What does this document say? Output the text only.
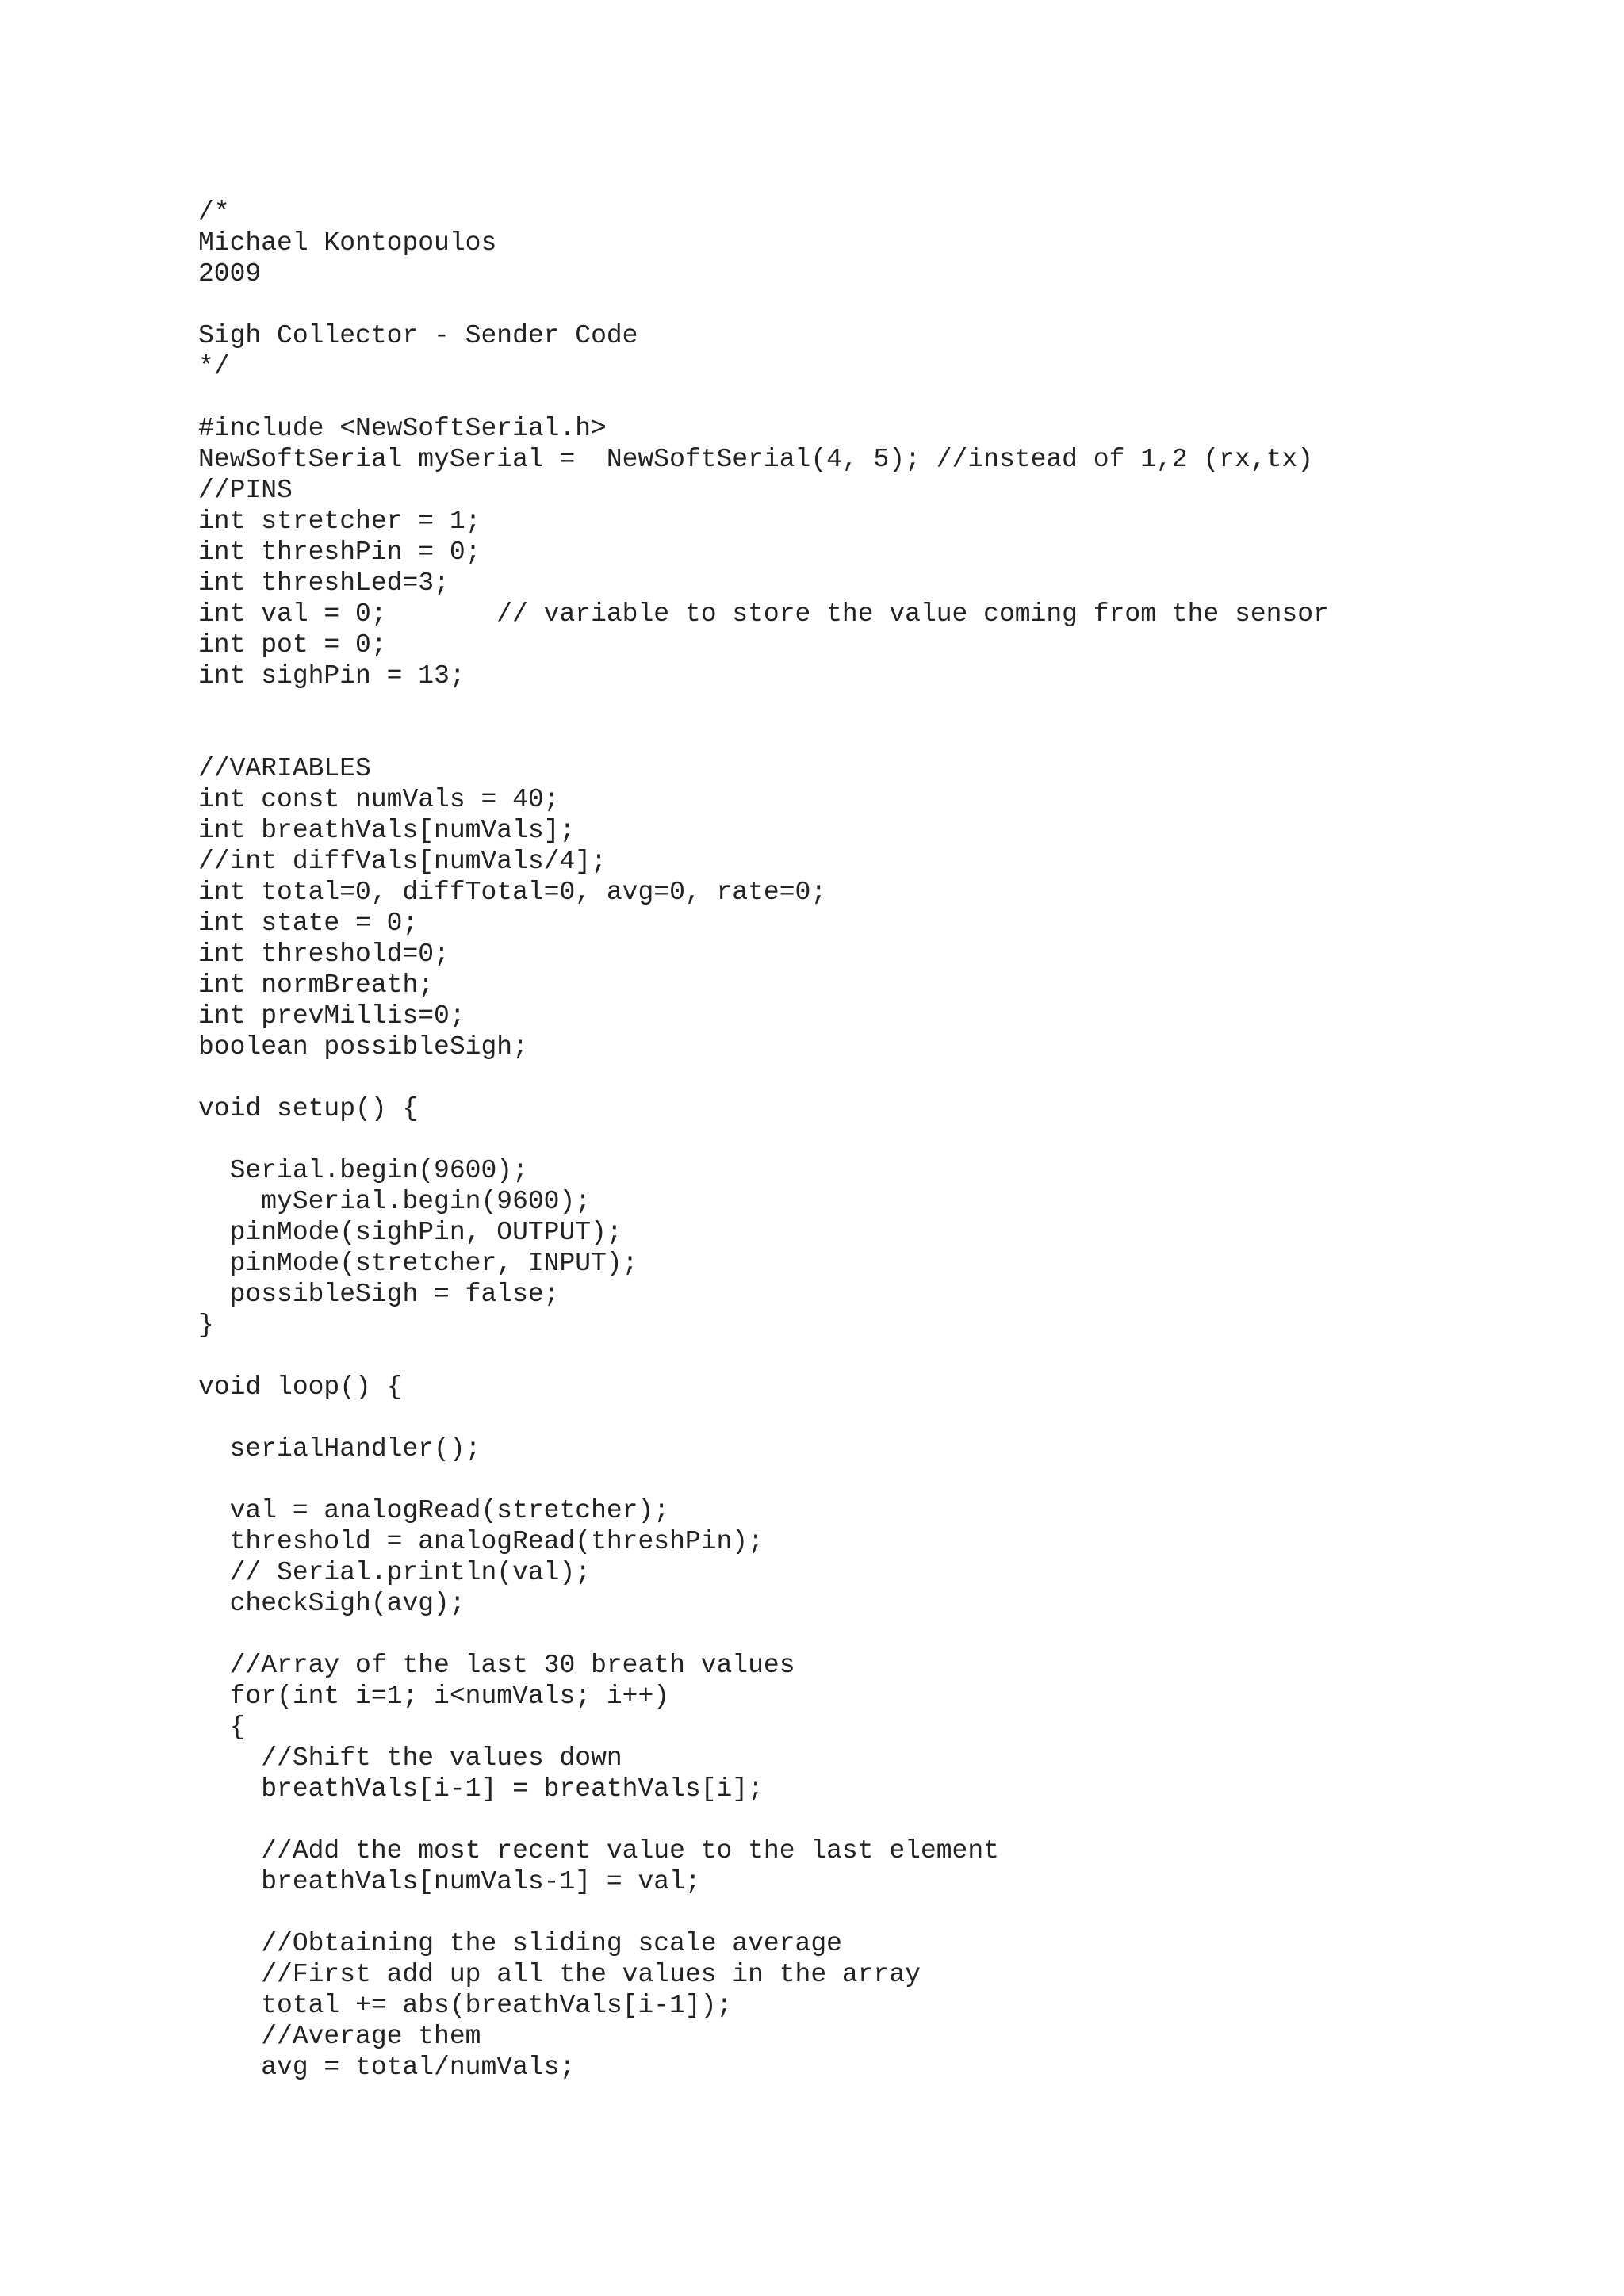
/*
Michael Kontopoulos
2009
Sigh Collector - Sender Code
*/
#include <NewSoftSerial.h>
NewSoftSerial mySerial =  NewSoftSerial(4, 5); //instead of 1,2 (rx,tx)
//PINS
int stretcher = 1;
int threshPin = 0;
int threshLed=3;
int val = 0;       // variable to store the value coming from the sensor
int pot = 0;
int sighPin = 13;
//VARIABLES
int const numVals = 40;
int breathVals[numVals];
//int diffVals[numVals/4];
int total=0, diffTotal=0, avg=0, rate=0;
int state = 0;
int threshold=0;
int normBreath;
int prevMillis=0;
boolean possibleSigh;
void setup() {
Serial.begin(9600);
mySerial.begin(9600);
pinMode(sighPin, OUTPUT);
pinMode(stretcher, INPUT);
possibleSigh = false;
}
void loop() {
serialHandler();
val = analogRead(stretcher);
threshold = analogRead(threshPin);
// Serial.println(val);
checkSigh(avg);
//Array of the last 30 breath values
for(int i=1; i<numVals; i++)
{
//Shift the values down
breathVals[i-1] = breathVals[i];
//Add the most recent value to the last element
breathVals[numVals-1] = val;
//Obtaining the sliding scale average
//First add up all the values in the array
total += abs(breathVals[i-1]);
//Average them
avg = total/numVals;
